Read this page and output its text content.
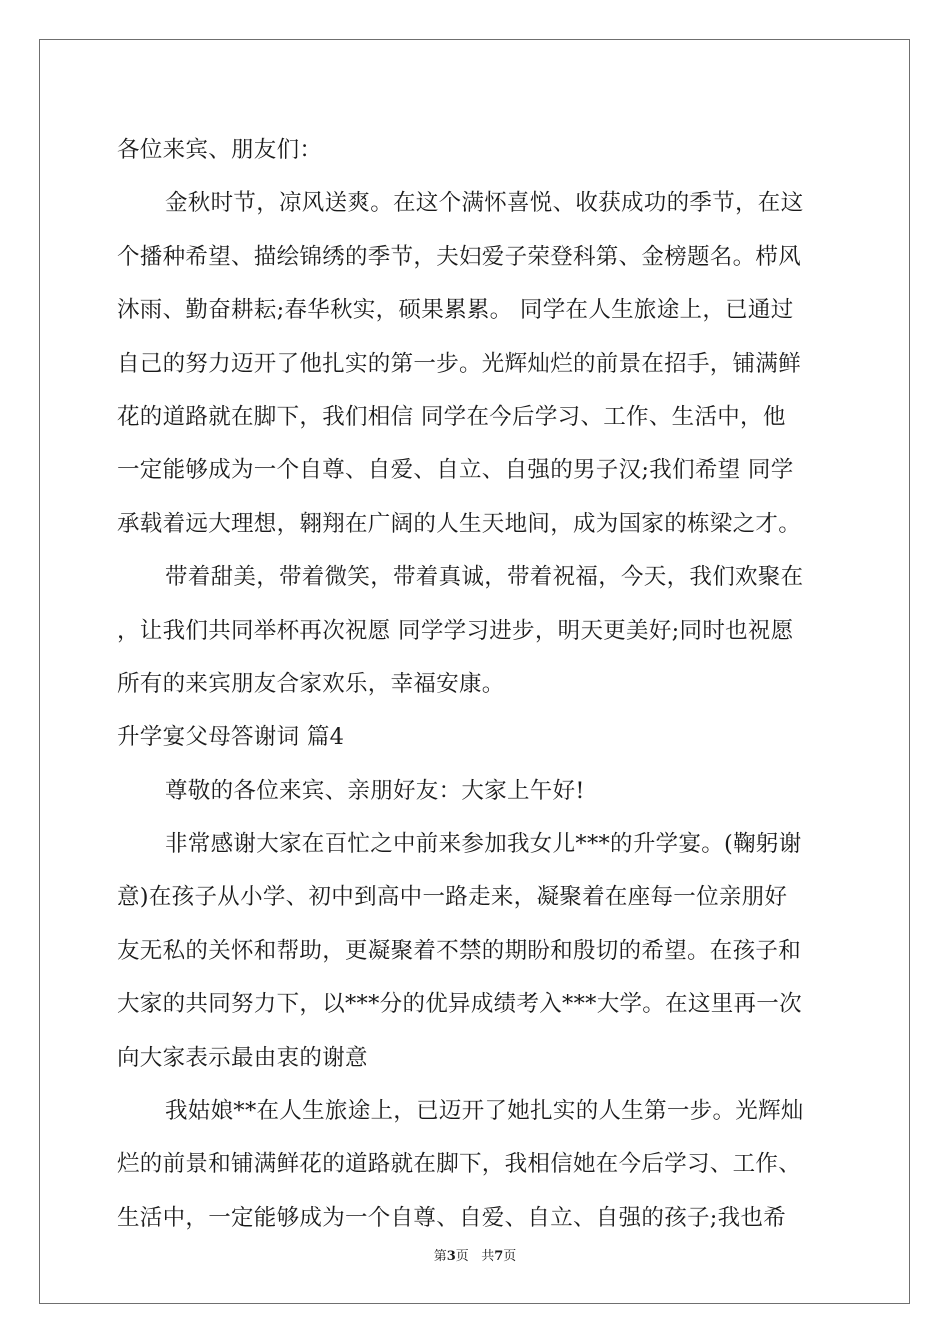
各位来宾、朋友们：
金秋时节，凉风送爽。在这个满怀喜悦、收获成功的季节，在这
个播种希望、描绘锦绣的季节，夫妇爱子荣登科第、金榜题名。栉风
沐雨、勤奋耕耘;春华秋实，硕果累累。 同学在人生旅途上，已通过
自己的努力迈开了他扎实的第一步。光辉灿烂的前景在招手，铺满鲜
花的道路就在脚下，我们相信 同学在今后学习、工作、生活中，他
一定能够成为一个自尊、自爱、自立、自强的男子汉;我们希望 同学
承载着远大理想，翱翔在广阔的人生天地间，成为国家的栋梁之才。
带着甜美，带着微笑，带着真诚，带着祝福，今天，我们欢聚在
，让我们共同举杯再次祝愿 同学学习进步，明天更美好;同时也祝愿
所有的来宾朋友合家欢乐，幸福安康。
升学宴父母答谢词 篇4
尊敬的各位来宾、亲朋好友：大家上午好!
非常感谢大家在百忙之中前来参加我女儿***的升学宴。(鞠躬谢
意)在孩子从小学、初中到高中一路走来，凝聚着在座每一位亲朋好
友无私的关怀和帮助，更凝聚着不禁的期盼和殷切的希望。在孩子和
大家的共同努力下，以***分的优异成绩考入***大学。在这里再一次
向大家表示最由衷的谢意
我姑娘**在人生旅途上，已迈开了她扎实的人生第一步。光辉灿
烂的前景和铺满鲜花的道路就在脚下，我相信她在今后学习、工作、
生活中，一定能够成为一个自尊、自爱、自立、自强的孩子;我也希
第3页   共7页
